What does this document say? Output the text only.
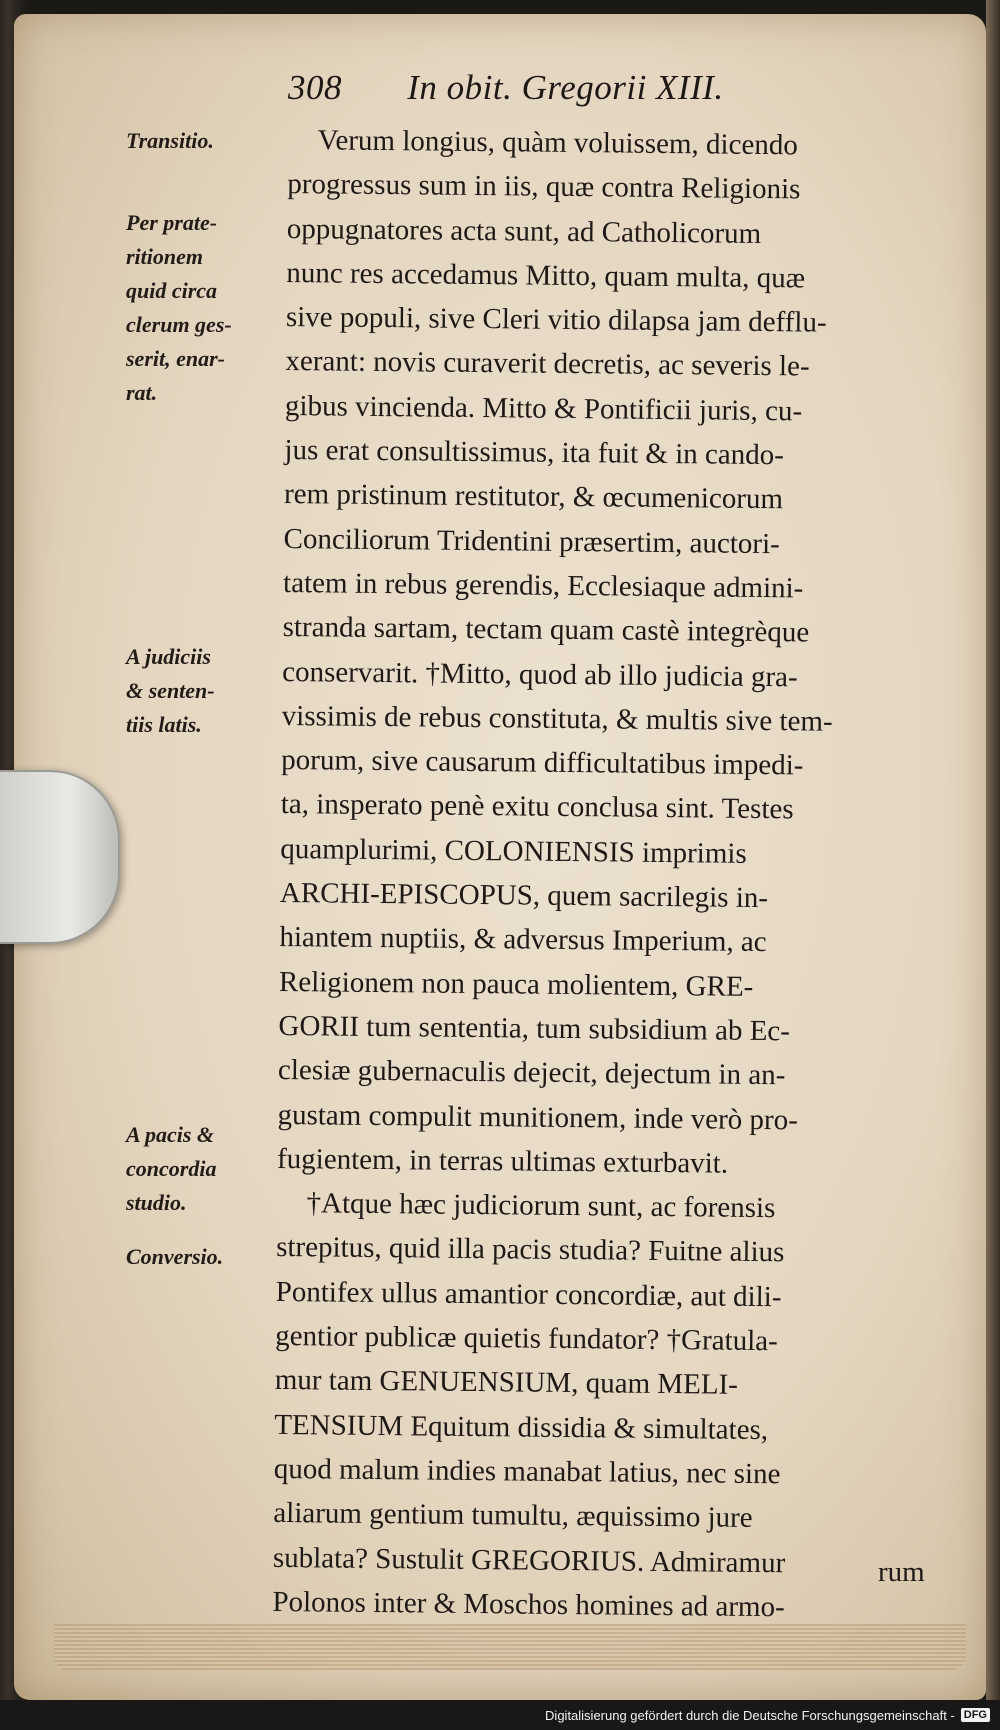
308 In obit. Gregorii XIII.
Transitio.
Per prate-
ritionem
quid circa
clerum ges-
serit, enar-
rat.
A judiciis
& senten-
tiis latis.
A pacis &
concordia
studio.
Conversio.
Verum longius, quàm voluissem, dicendo
progressus sum in iis, quæ contra Religionis
oppugnatores acta sunt, ad Catholicorum
nunc res accedamus Mitto, quam multa, quæ
sive populi, sive Cleri vitio dilapsa jam defflu-
xerant: novis curaverit decretis, ac severis le-
gibus vincienda. Mitto & Pontificii juris, cu-
jus erat consultissimus, ita fuit & in cando-
rem pristinum restitutor, & œcumenicorum
Conciliorum Tridentini præsertim, auctori-
tatem in rebus gerendis, Ecclesiaque admini-
stranda sartam, tectam quam castè integrèque
conservarit. †Mitto, quod ab illo judicia gra-
vissimis de rebus constituta, & multis sive tem-
porum, sive causarum difficultatibus impedi-
ta, insperato penè exitu conclusa sint. Testes
quamplurimi, COLONIENSIS imprimis
ARCHI-EPISCOPUS, quem sacrilegis in-
hiantem nuptiis, & adversus Imperium, ac
Religionem non pauca molientem, GRE-
GORII tum sententia, tum subsidium ab Ec-
clesiæ gubernaculis dejecit, dejectum in an-
gustam compulit munitionem, inde verò pro-
fugientem, in terras ultimas exturbavit.
†Atque hæc judiciorum sunt, ac forensis
strepitus, quid illa pacis studia? Fuitne alius
Pontifex ullus amantior concordiæ, aut dili-
gentior publicæ quietis fundator? †Gratula-
mur tam GENUENSIUM, quam MELI-
TENSIUM Equitum dissidia & simultates,
quod malum indies manabat latius, nec sine
aliarum gentium tumultu, æquissimo jure
sublata? Sustulit GREGORIUS. Admiramur
Polonos inter & Moschos homines ad armo-
rum
Digitalisierung gefördert durch die Deutsche Forschungsgemeinschaft - DFG
